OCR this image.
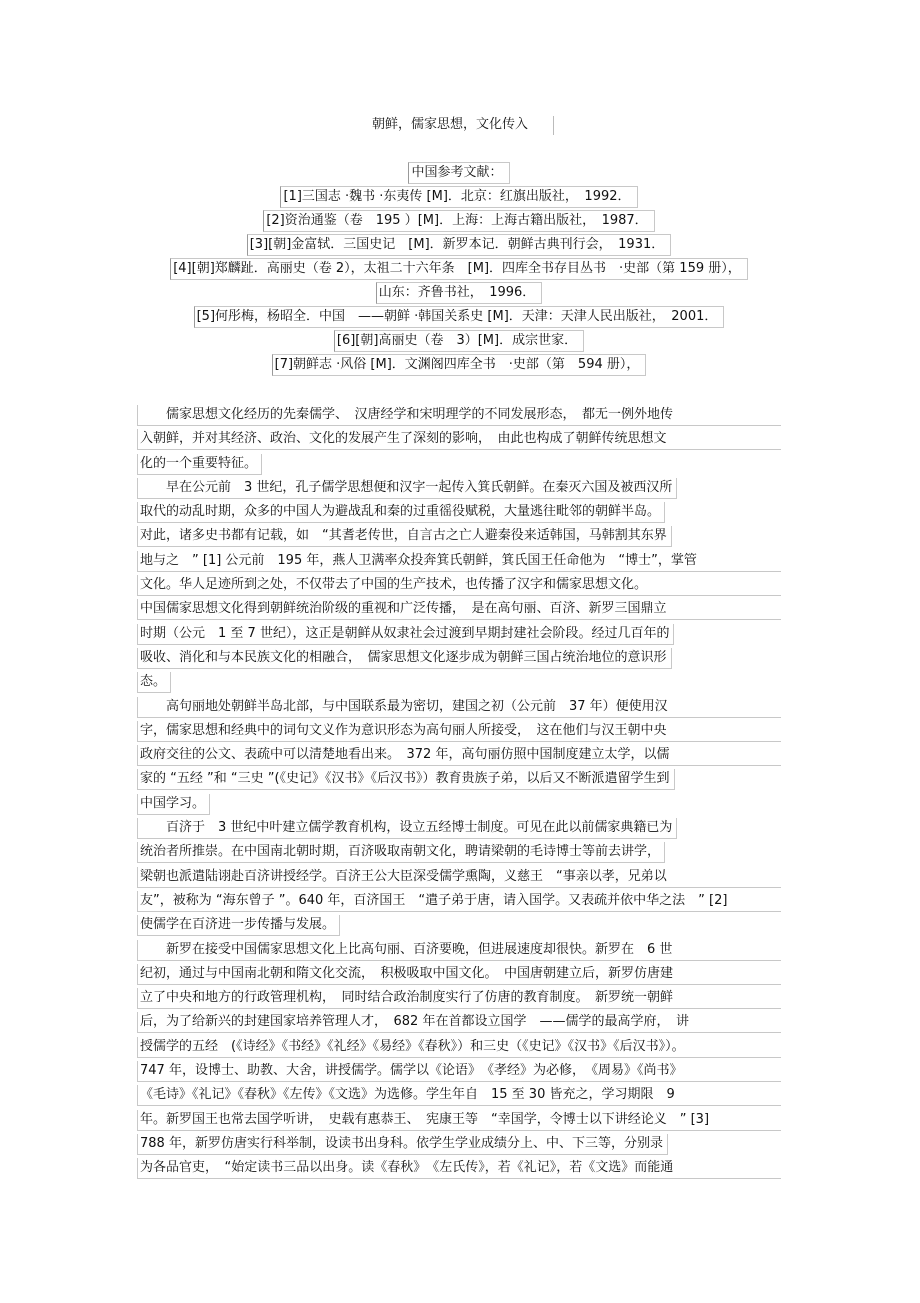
朝鲜，儒家思想，文化传入
中国参考文献：
[1]三国志 ·魏书 ·东夷传 [M]．北京：红旗出版社，　1992．
[2]资治通鉴（卷　195 ）[M]．上海：上海古籍出版社，　1987．
[3][朝]金富轼．三国史记　[M]．新罗本记．朝鲜古典刊行会，　1931．
[4][朝]郑麟趾．高丽史（卷 2），太祖二十六年条　[M]．四库全书存目丛书　·史部（第 159 册），
山东：齐鲁书社，　1996．
[5]何彤梅，杨昭全．中国　——朝鲜 ·韩国关系史 [M]．天津：天津人民出版社，　2001．
[6][朝]高丽史（卷　3）[M]．成宗世家．
[7]朝鲜志 ·风俗 [M]．文渊阁四库全书　·史部（第　594 册），
儒家思想文化经历的先秦儒学、　汉唐经学和宋明理学的不同发展形态，　都无一例外地传
入朝鲜，并对其经济、政治、文化的发展产生了深刻的影响，　由此也构成了朝鲜传统思想文
化的一个重要特征。
早在公元前　3 世纪，孔子儒学思想便和汉字一起传入箕氏朝鲜。在秦灭六国及被西汉所
取代的动乱时期，众多的中国人为避战乱和秦的过重徭役赋税，大量逃往毗邻的朝鲜半岛。
对此，诸多史书都有记载，如　“其耆老传世，自言古之亡人避秦役来适韩国，马韩割其东界
地与之　” [1] 公元前　195 年，燕人卫满率众投奔箕氏朝鲜，箕氏国王任命他为　“博士”，掌管
文化。华人足迹所到之处，不仅带去了中国的生产技术，也传播了汉字和儒家思想文化。
中国儒家思想文化得到朝鲜统治阶级的重视和广泛传播，　是在高句丽、百济、新罗三国鼎立
时期（公元　1 至 7 世纪），这正是朝鲜从奴隶社会过渡到早期封建社会阶段。经过几百年的
吸收、消化和与本民族文化的相融合，　儒家思想文化逐步成为朝鲜三国占统治地位的意识形
态。
高句丽地处朝鲜半岛北部，与中国联系最为密切，建国之初（公元前　37 年）便使用汉
字，儒家思想和经典中的词句文义作为意识形态为高句丽人所接受，　这在他们与汉王朝中央
政府交往的公文、表疏中可以清楚地看出来。　372 年，高句丽仿照中国制度建立太学，以儒
家的 “五经 ”和 “三史 ”(《史记》《汉书》《后汉书》）教育贵族子弟，以后又不断派遣留学生到
中国学习。
百济于　3 世纪中叶建立儒学教育机构，设立五经博士制度。可见在此以前儒家典籍已为
统治者所推崇。在中国南北朝时期，百济吸取南朝文化，聘请梁朝的毛诗博士等前去讲学，
梁朝也派遣陆诩赴百济讲授经学。百济王公大臣深受儒学熏陶，义慈王　“事亲以孝，兄弟以
友”，被称为 “海东曾子 ”。640 年，百济国王　“遣子弟于唐，请入国学。又表疏并依中华之法　” [2]
使儒学在百济进一步传播与发展。
新罗在接受中国儒家思想文化上比高句丽、百济要晚，但进展速度却很快。新罗在　6 世
纪初，通过与中国南北朝和隋文化交流，　积极吸取中国文化。　中国唐朝建立后，新罗仿唐建
立了中央和地方的行政管理机构，　同时结合政治制度实行了仿唐的教育制度。　新罗统一朝鲜
后，为了给新兴的封建国家培养管理人才，　682 年在首都设立国学　——儒学的最高学府，　讲
授儒学的五经　(《诗经》《书经》《礼经》《易经》《春秋》）和三史（《史记》《汉书》《后汉书》）。
747 年，设博士、助教、大舍，讲授儒学。儒学以《论语》　《孝经》为必修，　《周易》《尚书》
《毛诗》《礼记》《春秋》《左传》《文选》为选修。学生年自　15 至 30 皆充之，学习期限　9
年。新罗国王也常去国学听讲，　史载有惠恭王、　宪康王等　“幸国学，令博士以下讲经论义　” [3]
788 年，新罗仿唐实行科举制，设读书出身科。依学生学业成绩分上、中、下三等，分别录
为各品官吏，　“始定读书三品以出身。读《春秋》　《左氏传》，若《礼记》，若《文选》而能通
